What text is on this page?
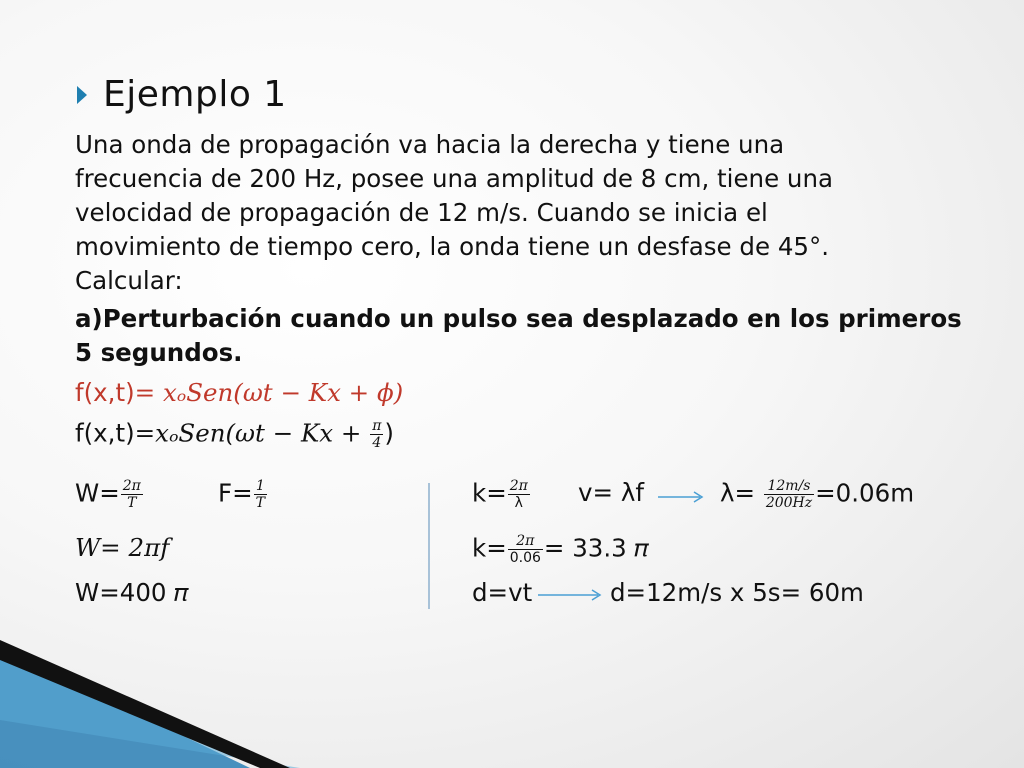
Ejemplo 1
Una onda de propagación va hacia la derecha y tiene una
frecuencia de 200 Hz, posee una amplitud de 8 cm, tiene una
velocidad de propagación de 12 m/s. Cuando se inicia el
movimiento de tiempo cero, la onda tiene un desfase de 45°.
Calcular:
a)Perturbación cuando un pulso sea desplazado en los primeros
5 segundos.
f(x,t)= 𝑥ₒ𝑆𝑒𝑛(𝜔𝑡 − 𝐾𝑥 + 𝜙)
f(x,t)=𝑥ₒ𝑆𝑒𝑛(𝜔𝑡 − 𝐾𝑥 + $\frac{\text{𝜋}}{4}$ )
$W= \frac{\text{2𝜋}}{\text{𝑇}}$	$F= \frac{1}{\text{𝑇}}$
W= 2𝜋f
W=400 𝜋
$k= \frac{\text{2𝜋}}{\lambda} v= \lambda f$	$\lambda= \frac{\text{12𝑚/𝑠}}{\text{200𝐻𝑧}} =0.06m$
$k= \frac{\text{2𝜋}}{0.06} = 33.3$ 𝜋
d=vt	d=12m/s x 5s= 60m
